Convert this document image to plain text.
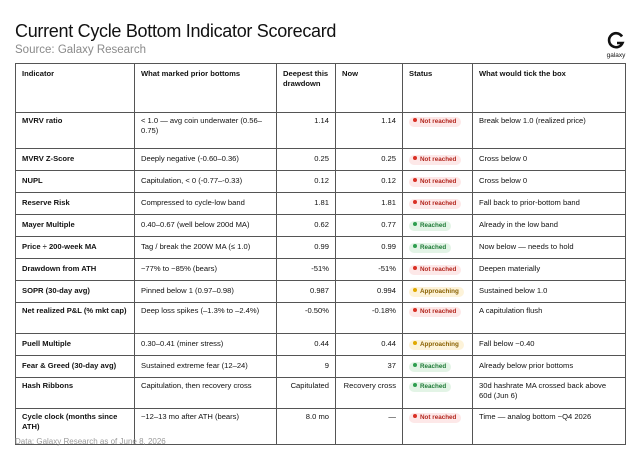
Current Cycle Bottom Indicator Scorecard
Source: Galaxy Research	galaxy
Indicator	What marked prior bottoms	Deepest this drawdown	Now	Status	What would tick the box
MVRV ratio	< 1.0 — avg coin underwater (0.56–0.75)	1.14	1.14	Not reached	Break below 1.0 (realized price)
MVRV Z-Score	Deeply negative (-0.60–0.36)	0.25	0.25	Not reached	Cross below 0
NUPL	Capitulation, < 0 (-0.77–-0.33)	0.12	0.12	Not reached	Cross below 0
Reserve Risk	Compressed to cycle-low band	1.81	1.81	Not reached	Fall back to prior-bottom band
Mayer Multiple	0.40–0.67 (well below 200d MA)	0.62	0.77	Reached	Already in the low band
Price ÷ 200-week MA	Tag / break the 200W MA (≤ 1.0)	0.99	0.99	Reached	Now below — needs to hold
Drawdown from ATH	−77% to −85% (bears)	-51%	-51%	Not reached	Deepen materially
SOPR (30-day avg)	Pinned below 1 (0.97–0.98)	0.987	0.994	Approaching	Sustained below 1.0
Net realized P&L (% mkt cap)	Deep loss spikes (–1.3% to –2.4%)	-0.50%	-0.18%	Not reached	A capitulation flush
Puell Multiple	0.30–0.41 (miner stress)	0.44	0.44	Approaching	Fall below ~0.40
Fear & Greed (30-day avg)	Sustained extreme fear (12–24)	9	37	Reached	Already below prior bottoms
Hash Ribbons	Capitulation, then recovery cross	Capitulated	Recovery cross	Reached	30d hashrate MA crossed back above 60d (Jun 6)
Cycle clock (months since ATH)	~12–13 mo after ATH (bears)	8.0 mo	—	Not reached	Time — analog bottom ~Q4 2026
Data: Galaxy Research as of June 8, 2026
